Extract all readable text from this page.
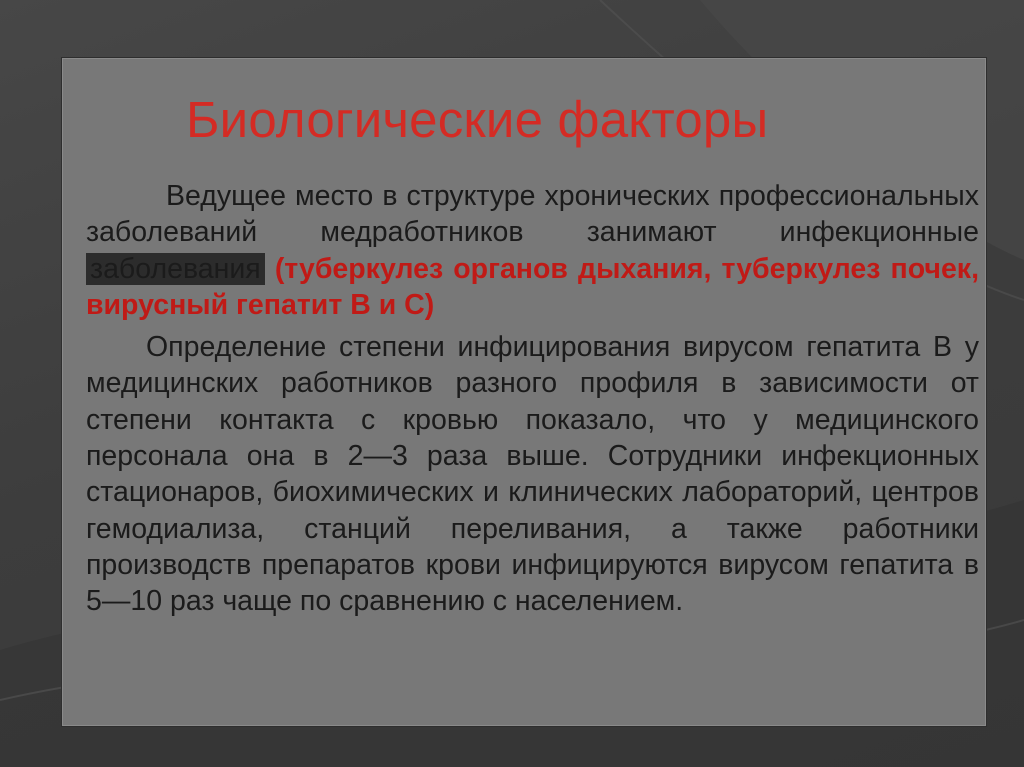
Биологические факторы

Ведущее место в структуре хронических профессиональных заболеваний медработников занимают инфекционные заболевания (туберкулез органов дыхания, туберкулез почек, вирусный гепатит В и С)

Определение степени инфицирования вирусом гепатита В у медицинских работников разного профиля в зависимости от степени контакта с кровью показало, что у медицинского персонала она в 2—3 раза выше. Сотрудники инфекционных стационаров, биохимических и клинических лабораторий, центров гемодиализа, станций переливания, а также работники производств препаратов крови инфицируются вирусом гепатита в 5—10 раз чаще по сравнению с населением.
